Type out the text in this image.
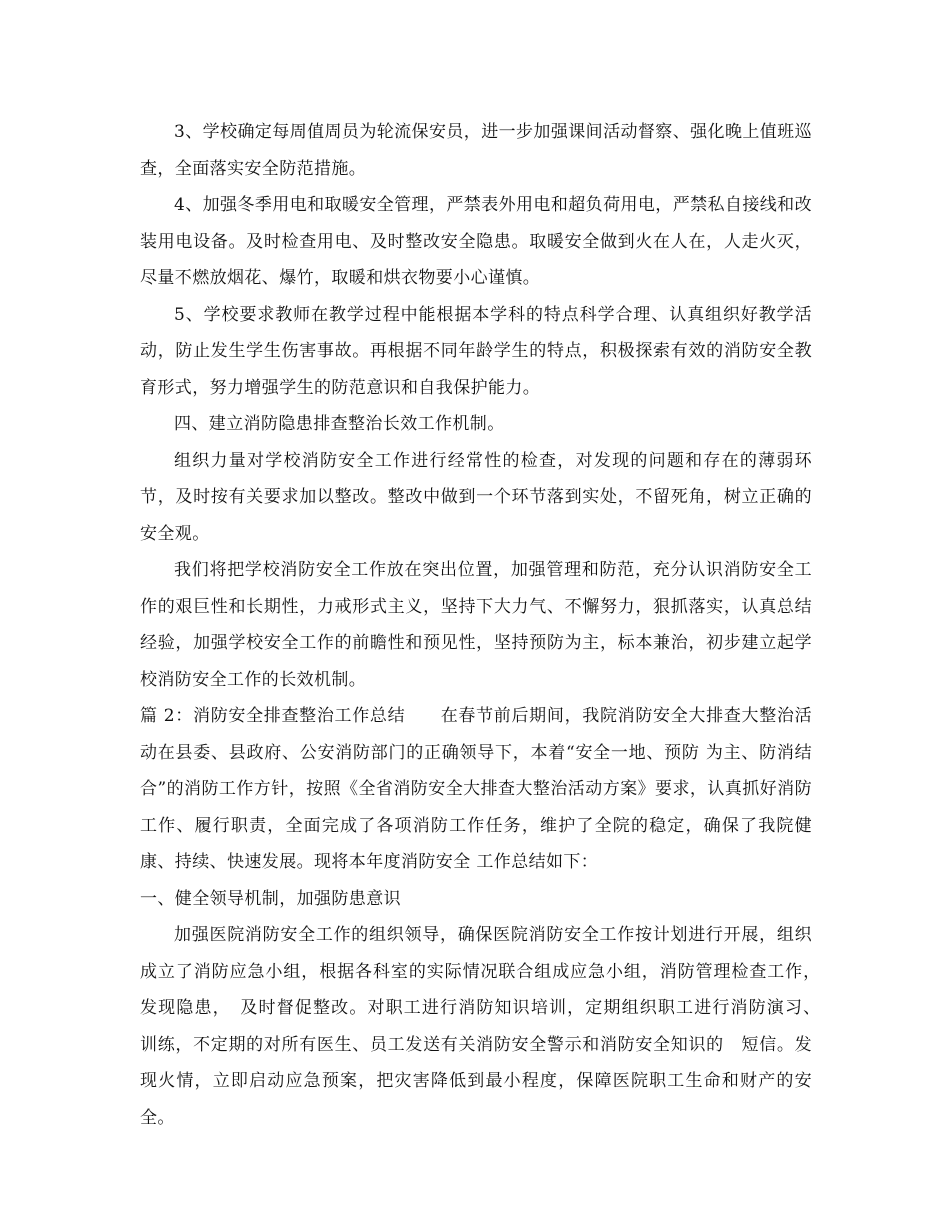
3、学校确定每周值周员为轮流保安员，进一步加强课间活动督察、强化晚上值班巡查，全面落实安全防范措施。

4、加强冬季用电和取暖安全管理，严禁表外用电和超负荷用电，严禁私自接线和改装用电设备。及时检查用电、及时整改安全隐患。取暖安全做到火在人在，人走火灭，尽量不燃放烟花、爆竹，取暖和烘衣物要小心谨慎。

5、学校要求教师在教学过程中能根据本学科的特点科学合理、认真组织好教学活动，防止发生学生伤害事故。再根据不同年龄学生的特点，积极探索有效的消防安全教育形式，努力增强学生的防范意识和自我保护能力。

四、建立消防隐患排查整治长效工作机制。

组织力量对学校消防安全工作进行经常性的检查，对发现的问题和存在的薄弱环节，及时按有关要求加以整改。整改中做到一个环节落到实处，不留死角，树立正确的安全观。

我们将把学校消防安全工作放在突出位置，加强管理和防范，充分认识消防安全工作的艰巨性和长期性，力戒形式主义，坚持下大力气、不懈努力，狠抓落实，认真总结经验，加强学校安全工作的前瞻性和预见性，坚持预防为主，标本兼治，初步建立起学校消防安全工作的长效机制。

篇 2：消防安全排查整治工作总结　　在春节前后期间，我院消防安全大排查大整治活动在县委、县政府、公安消防部门的正确领导下，本着“安全一地、预防 为主、防消结合”的消防工作方针，按照《全省消防安全大排查大整治活动方案》要求，认真抓好消防工作、履行职责，全面完成了各项消防工作任务，维护了全院的稳定，确保了我院健康、持续、快速发展。现将本年度消防安全 工作总结如下：

一、健全领导机制，加强防患意识

加强医院消防安全工作的组织领导，确保医院消防安全工作按计划进行开展，组织成立了消防应急小组，根据各科室的实际情况联合组成应急小组，消防管理检查工作，　发现隐患，　及时督促整改。对职工进行消防知识培训，定期组织职工进行消防演习、　训练，不定期的对所有医生、员工发送有关消防安全警示和消防安全知识的　短信。发现火情，立即启动应急预案，把灾害降低到最小程度，保障医院职工生命和财产的安全。
